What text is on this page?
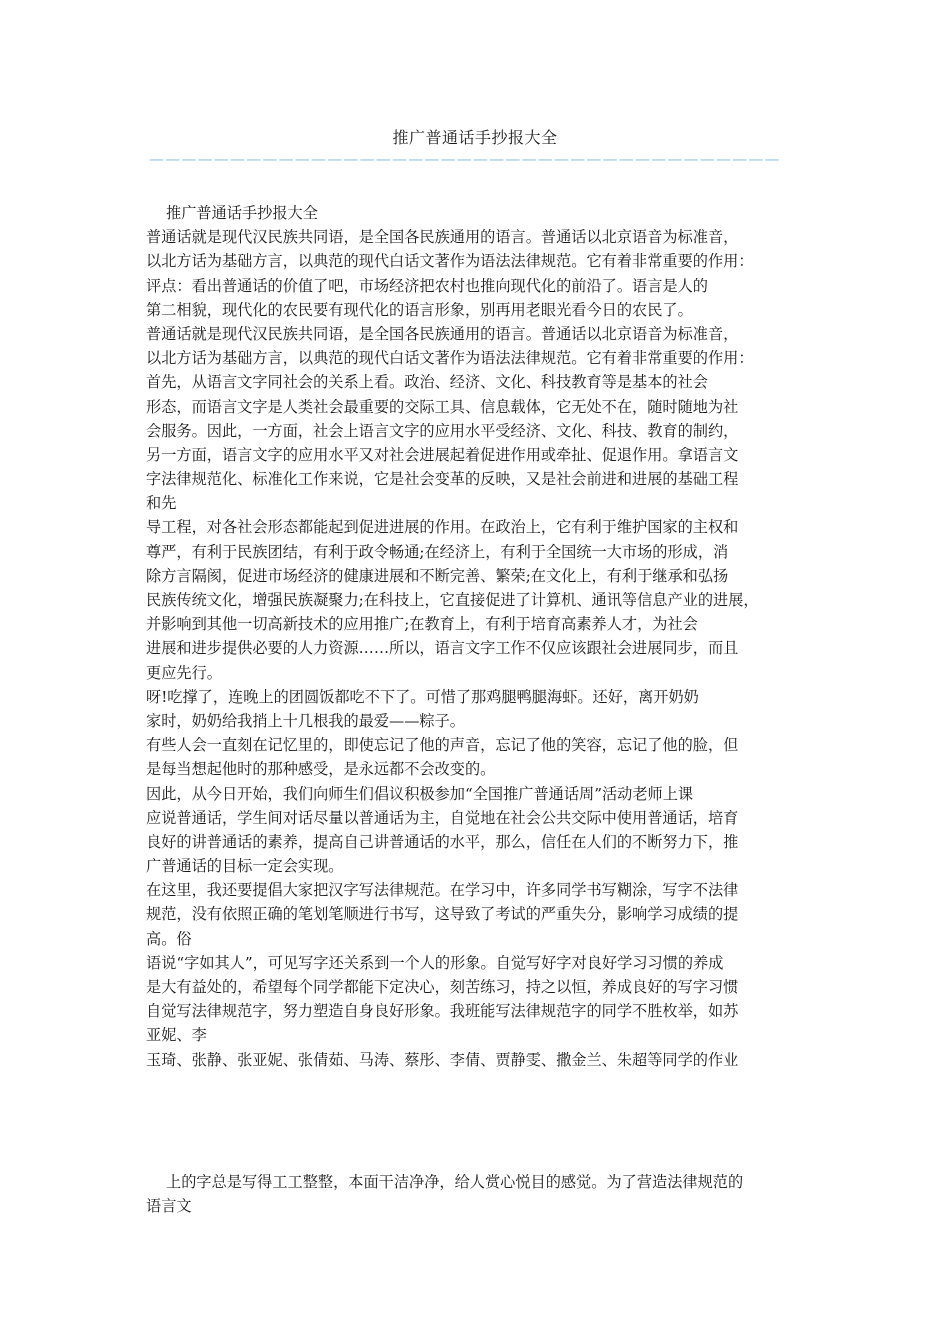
推广普通话手抄报大全
———————————————————————————————————————
推广普通话手抄报大全
普通话就是现代汉民族共同语，是全国各民族通用的语言。普通话以北京语音为标准音，
以北方话为基础方言，以典范的现代白话文著作为语法法律规范。它有着非常重要的作用：
评点：看出普通话的价值了吧，市场经济把农村也推向现代化的前沿了。语言是人的
第二相貌，现代化的农民要有现代化的语言形象，别再用老眼光看今日的农民了。
普通话就是现代汉民族共同语，是全国各民族通用的语言。普通话以北京语音为标准音，
以北方话为基础方言，以典范的现代白话文著作为语法法律规范。它有着非常重要的作用：
首先，从语言文字同社会的关系上看。政治、经济、文化、科技教育等是基本的社会
形态，而语言文字是人类社会最重要的交际工具、信息载体，它无处不在，随时随地为社
会服务。因此，一方面，社会上语言文字的应用水平受经济、文化、科技、教育的制约，
另一方面，语言文字的应用水平又对社会进展起着促进作用或牵扯、促退作用。拿语言文
字法律规范化、标准化工作来说，它是社会变革的反映，又是社会前进和进展的基础工程
和先
导工程，对各社会形态都能起到促进进展的作用。在政治上，它有利于维护国家的主权和
尊严，有利于民族团结，有利于政令畅通;在经济上，有利于全国统一大市场的形成，消
除方言隔阂，促进市场经济的健康进展和不断完善、繁荣;在文化上，有利于继承和弘扬
民族传统文化，增强民族凝聚力;在科技上，它直接促进了计算机、通讯等信息产业的进展，
并影响到其他一切高新技术的应用推广;在教育上，有利于培育高素养人才，为社会
进展和进步提供必要的人力资源……所以，语言文字工作不仅应该跟社会进展同步，而且
更应先行。
呀!吃撑了，连晚上的团圆饭都吃不下了。可惜了那鸡腿鸭腿海虾。还好，离开奶奶
家时，奶奶给我捎上十几根我的最爱——粽子。
有些人会一直刻在记忆里的，即使忘记了他的声音，忘记了他的笑容，忘记了他的脸，但
是每当想起他时的那种感受，是永远都不会改变的。
因此，从今日开始，我们向师生们倡议积极参加“全国推广普通话周”活动老师上课
应说普通话，学生间对话尽量以普通话为主，自觉地在社会公共交际中使用普通话，培育
良好的讲普通话的素养，提高自己讲普通话的水平，那么，信任在人们的不断努力下，推
广普通话的目标一定会实现。
在这里，我还要提倡大家把汉字写法律规范。在学习中，许多同学书写糊涂，写字不法律
规范，没有依照正确的笔划笔顺进行书写，这导致了考试的严重失分，影响学习成绩的提
高。俗
语说“字如其人”，可见写字还关系到一个人的形象。自觉写好字对良好学习习惯的养成
是大有益处的，希望每个同学都能下定决心，刻苦练习，持之以恒，养成良好的写字习惯
自觉写法律规范字，努力塑造自身良好形象。我班能写法律规范字的同学不胜枚举，如苏
亚妮、李
玉琦、张静、张亚妮、张倩茹、马涛、蔡彤、李倩、贾静雯、撒金兰、朱超等同学的作业
上的字总是写得工工整整，本面干洁净净，给人赏心悦目的感觉。为了营造法律规范的
语言文
